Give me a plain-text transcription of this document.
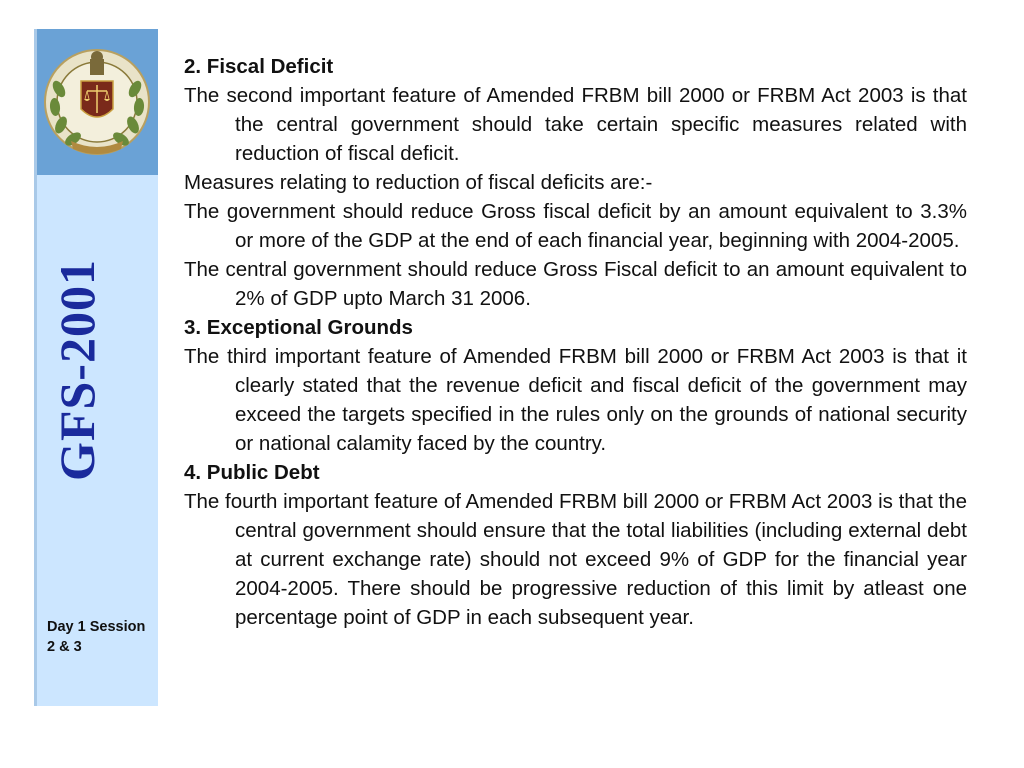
GFS-2001
Day 1 Session 2 & 3

2. Fiscal Deficit

The second important feature of Amended FRBM bill 2000 or FRBM Act 2003 is that the central government should take certain specific measures related with reduction of fiscal deficit.

Measures relating to reduction of fiscal deficits are:-

The government should reduce Gross fiscal deficit by an amount equivalent to 3.3% or more of the GDP at the end of each financial year, beginning with 2004-2005.

The central government should reduce Gross Fiscal deficit to an amount equivalent to 2% of GDP upto March 31 2006.

3. Exceptional Grounds

The third important feature of Amended FRBM bill 2000 or FRBM Act 2003 is that it clearly stated that the revenue deficit and fiscal deficit of the government may exceed the targets specified in the rules only on the grounds of national security or national calamity faced by the country.

4. Public Debt

The fourth important feature of Amended FRBM bill 2000 or FRBM Act 2003 is that the central government should ensure that the total liabilities (including external debt at current exchange rate) should not exceed 9% of GDP for the financial year 2004-2005. There should be progressive reduction of this limit by atleast one percentage point of GDP in each subsequent year.
